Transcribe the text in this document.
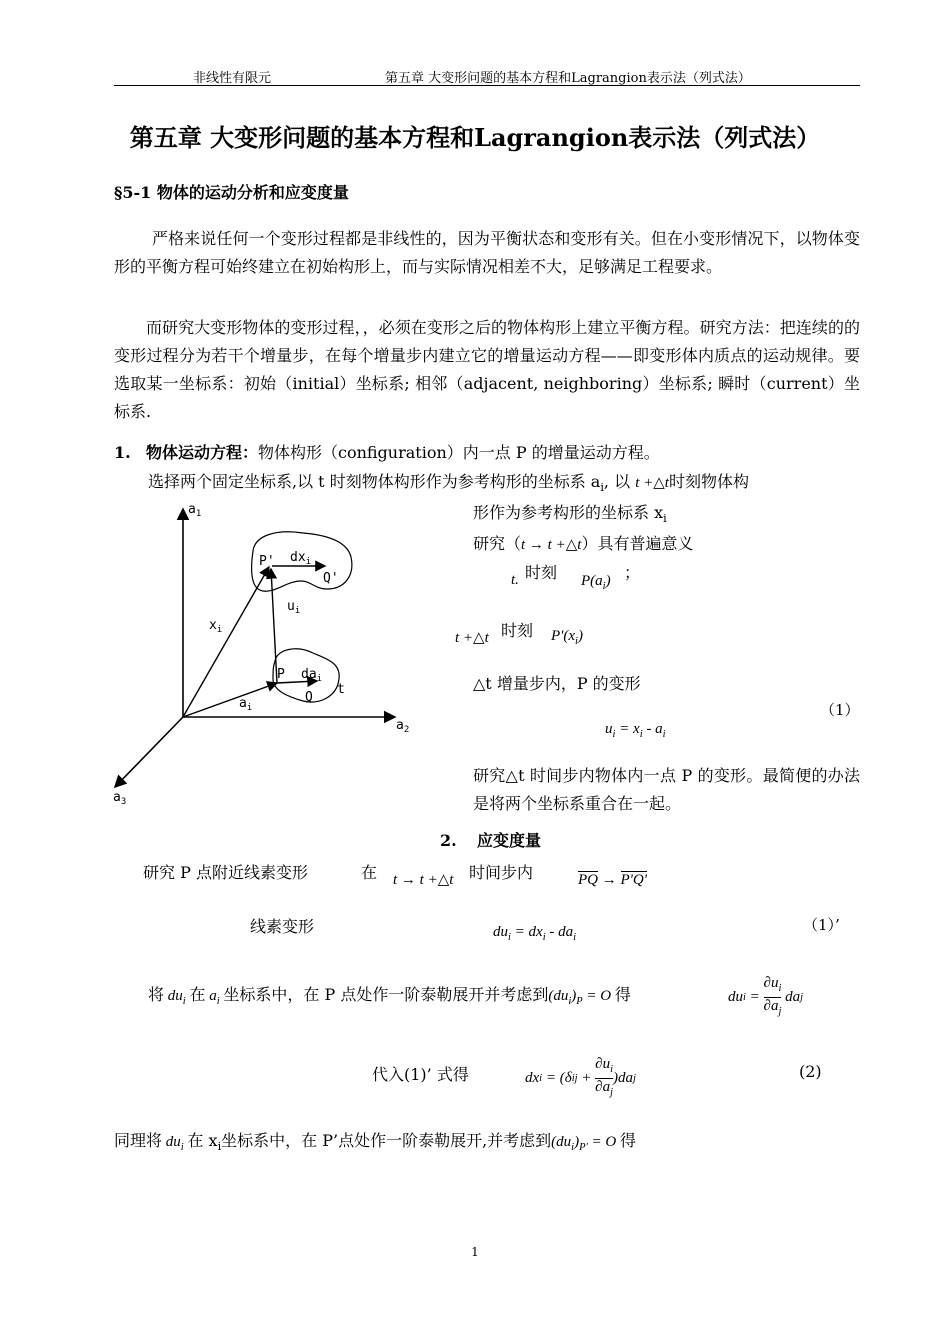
非线性有限元	第五章 大变形问题的基本方程和Lagrangion表示法（列式法）
第五章 大变形问题的基本方程和Lagrangion表示法（列式法）
§5-1 物体的运动分析和应变度量
严格来说任何一个变形过程都是非线性的，因为平衡状态和变形有关。但在小变形情况下，以物体变形的平衡方程可始终建立在初始构形上，而与实际情况相差不大，足够满足工程要求。
而研究大变形物体的变形过程，，必须在变形之后的物体构形上建立平衡方程。研究方法：把连续的的变形过程分为若干个增量步，在每个增量步内建立它的增量运动方程——即变形体内质点的运动规律。要选取某一坐标系：初始（initial）坐标系; 相邻（adjacent, neighboring）坐标系; 瞬时（current）坐标系.
1. 物体运动方程：物体构形（configuration）内一点 P 的增量运动方程。
选择两个固定坐标系,以 t 时刻物体构形作为参考构形的坐标系 $a_i$, 以 t +△t时刻物体构
形作为参考构形的坐标系 $x_i$
研究（t → t +△t）具有普遍意义
t. 时刻 $P(a_i)$ ；
t +△t 时刻 $P'(x_i)$
△t 增量步内，P 的变形
（1）
$u_i = x_i - a_i$
研究△t 时间步内物体内一点 P 的变形。最简便的办法是将两个坐标系重合在一起。
$a_1$
$a_2$
$a_3$
P' $dx_i$
Q'
$u_i$
$x_i$
P $da_i$
Q
t
$a_i$
2. 应变度量
研究 P 点附近线素变形	在 t → t +△t 时间步内	PQ → P'Q'
线素变形	$du_i = dx_i - da_i$
（1）’
将 $du_i$ 在 $a_i$ 坐标系中，在 P 点处作一阶泰勒展开并考虑到$(du_i)_P = O$ 得	du i =
$\partial u_i$
$\partial a_j$
da j
代入(1)’ 式得	dx i = (δ ij +
$\partial u_i$
$\partial a_j$
)da j	(2)
同理将 $du_i$ 在 $x_i$坐标系中，在 P’点处作一阶泰勒展开,并考虑到$(du_i)_{P'} = O$ 得
1
